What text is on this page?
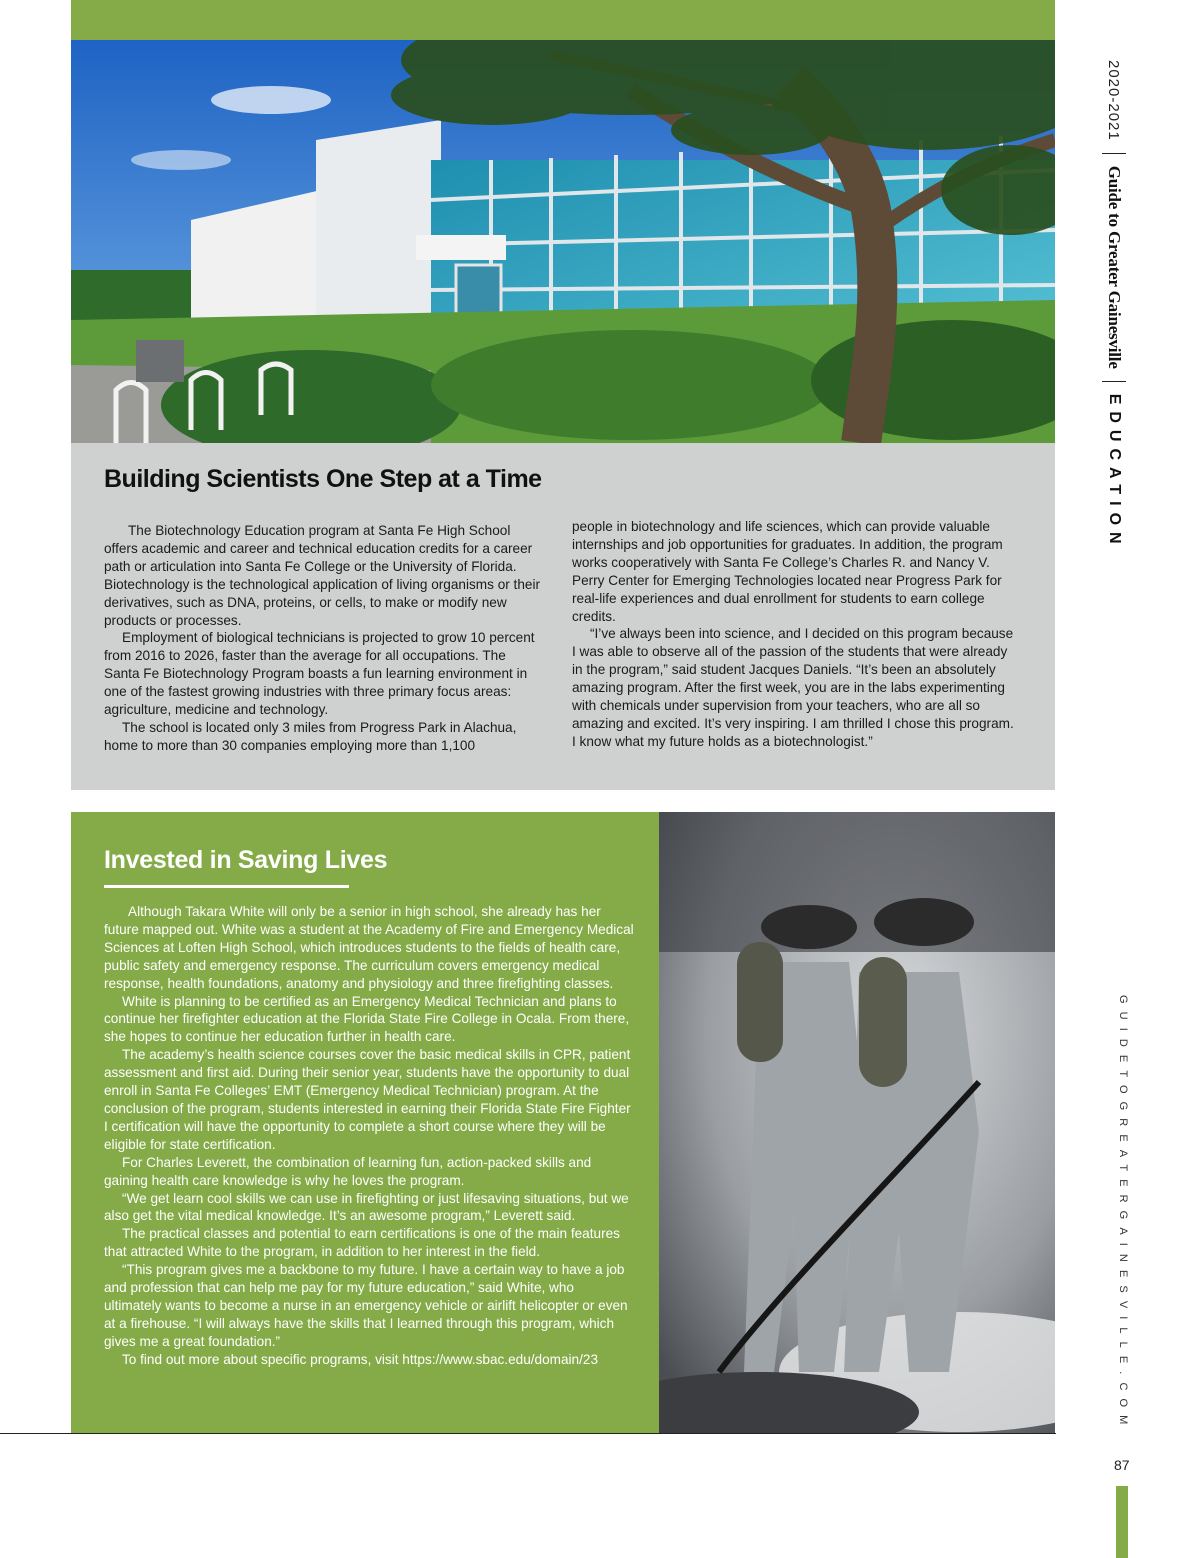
Building Scientists One Step at a Time

The Biotechnology Education program at Santa Fe High School offers academic and career and technical education credits for a career path or articulation into Santa Fe College or the University of Florida. Biotechnology is the technological application of living organisms or their derivatives, such as DNA, proteins, or cells, to make or modify new products or processes.

Employment of biological technicians is projected to grow 10 percent from 2016 to 2026, faster than the average for all occupations. The Santa Fe Biotechnology Program boasts a fun learning environment in one of the fastest growing industries with three primary focus areas: agriculture, medicine and technology.

The school is located only 3 miles from Progress Park in Alachua, home to more than 30 companies employing more than 1,100

people in biotechnology and life sciences, which can provide valuable internships and job opportunities for graduates. In addition, the program works cooperatively with Santa Fe College’s Charles R. and Nancy V. Perry Center for Emerging Technologies located near Progress Park for real-life experiences and dual enrollment for students to earn college credits.

“I’ve always been into science, and I decided on this program because I was able to observe all of the passion of the students that were already in the program,” said student Jacques Daniels. “It’s been an absolutely amazing program. After the first week, you are in the labs experimenting with chemicals under supervision from your teachers, who are all so amazing and excited. It’s very inspiring. I am thrilled I chose this program. I know what my future holds as a biotechnologist.”

Invested in Saving Lives

Although Takara White will only be a senior in high school, she already has her future mapped out. White was a student at the Academy of Fire and Emergency Medical Sciences at Loften High School, which introduces students to the fields of health care, public safety and emergency response. The curriculum covers emergency medical response, health foundations, anatomy and physiology and three firefighting classes.

White is planning to be certified as an Emergency Medical Technician and plans to continue her firefighter education at the Florida State Fire College in Ocala. From there, she hopes to continue her education further in health care.

The academy’s health science courses cover the basic medical skills in CPR, patient assessment and first aid. During their senior year, students have the opportunity to dual enroll in Santa Fe Colleges’ EMT (Emergency Medical Technician) program. At the conclusion of the program, students interested in earning their Florida State Fire Fighter I certification will have the opportunity to complete a short course where they will be eligible for state certification.

For Charles Leverett, the combination of learning fun, action-packed skills and gaining health care knowledge is why he loves the program.

“We get learn cool skills we can use in firefighting or just lifesaving situations, but we also get the vital medical knowledge. It’s an awesome program,” Leverett said.

The practical classes and potential to earn certifications is one of the main features that attracted White to the program, in addition to her interest in the field.

“This program gives me a backbone to my future. I have a certain way to have a job and profession that can help me pay for my future education,” said White, who ultimately wants to become a nurse in an emergency vehicle or airlift helicopter or even at a firehouse. “I will always have the skills that I learned through this program, which gives me a great foundation.”

To find out more about specific programs, visit https://www.sbac.edu/domain/23

2020-2021
Guide to Greater Gainesville
EDUCATION
GUIDETOGREATERGAINESVILLE.COM
87
